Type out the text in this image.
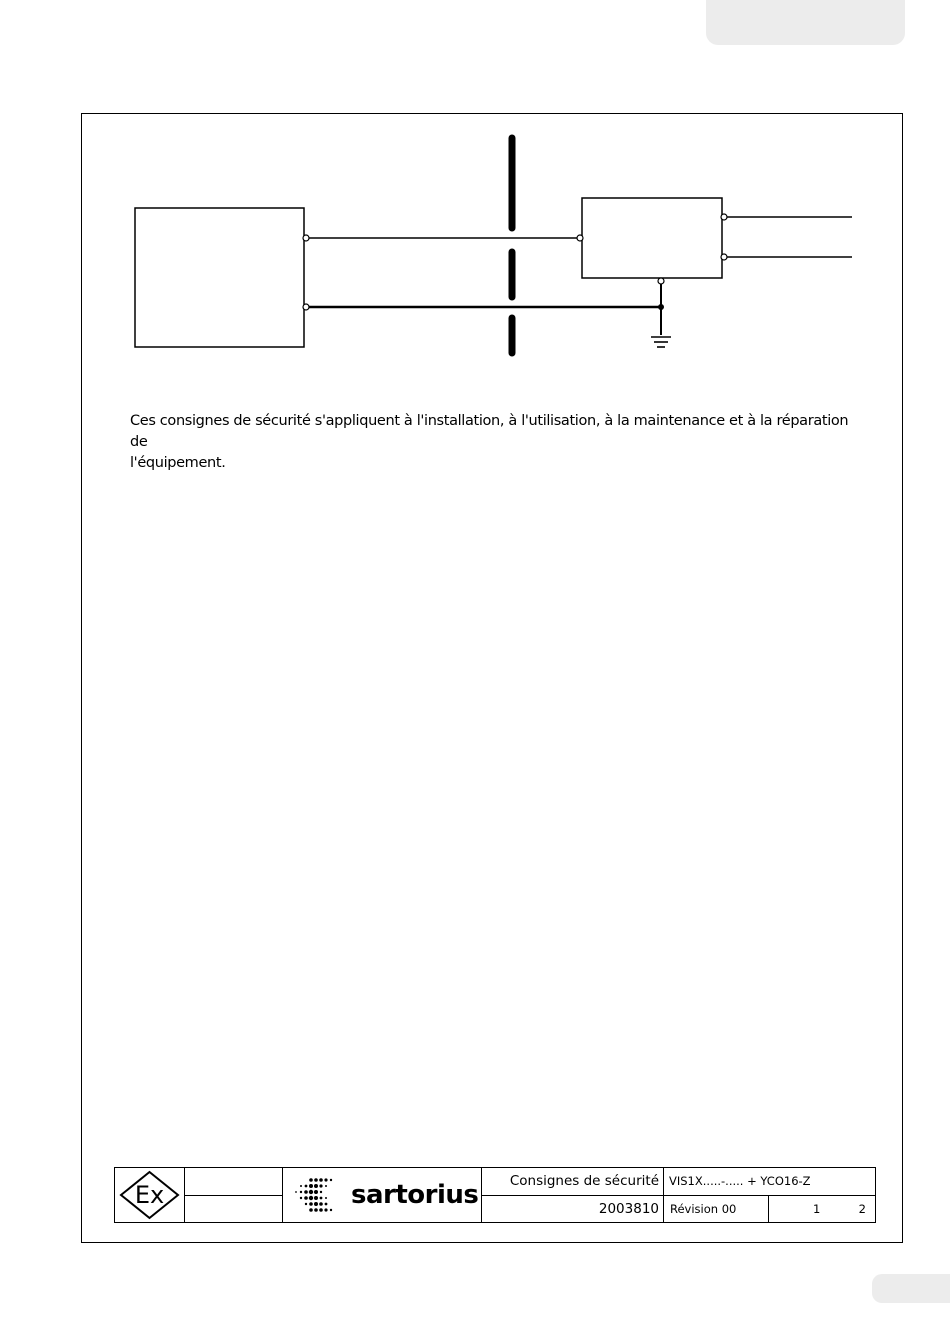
Ces consignes de sécurité s'appliquent à l'installation, à l'utilisation, à la maintenance et à la réparation de
l'équipement.

Ex		sartorius	Consignes de sécurité	VIS1X.....-..... + YCO16-Z	
			2003810	Révision 00	1 2
